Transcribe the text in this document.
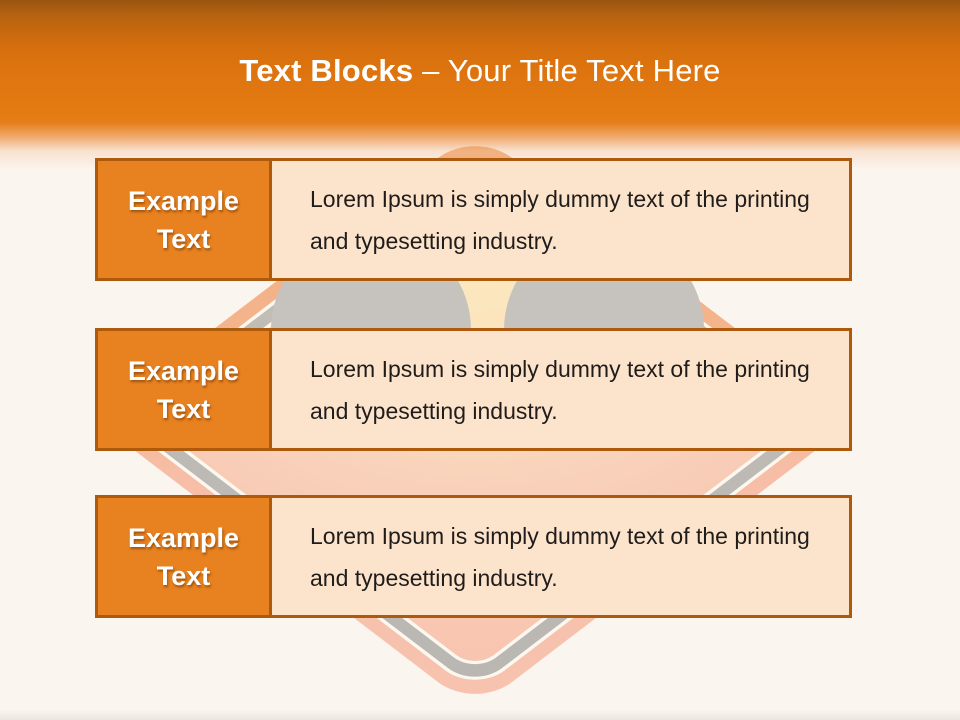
Text Blocks – Your Title Text Here
Example
Text

Lorem Ipsum is simply dummy text of the printing and typesetting industry.

Example
Text

Lorem Ipsum is simply dummy text of the printing and typesetting industry.

Example
Text

Lorem Ipsum is simply dummy text of the printing and typesetting industry.
